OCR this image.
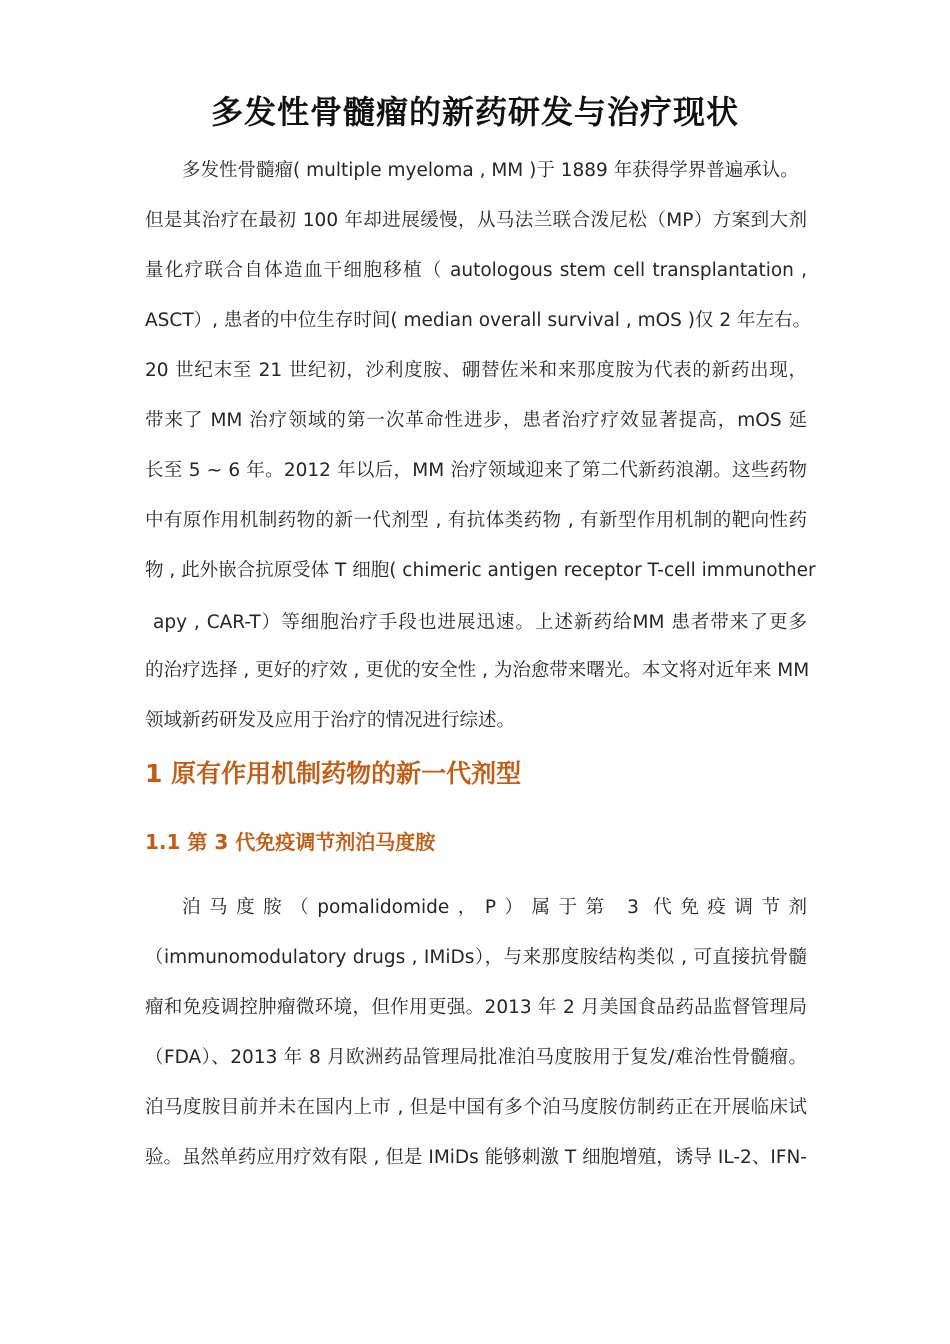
多发性骨髓瘤的新药研发与治疗现状
多发性骨髓瘤( multiple myeloma , MM )于 1889 年获得学界普遍承认。
但是其治疗在最初 100 年却进展缓慢，从马法兰联合泼尼松（MP）方案到大剂
量化疗联合自体造血干细胞移植（ autologous stem cell transplantation ,
ASCT）, 患者的中位生存时间( median overall survival , mOS )仅 2 年左右。
20 世纪末至 21 世纪初，沙利度胺、硼替佐米和来那度胺为代表的新药出现，
带来了 MM 治疗领域的第一次革命性进步，患者治疗疗效显著提高，mOS 延
长至 5 ~ 6 年。2012 年以后，MM 治疗领域迎来了第二代新药浪潮。这些药物
中有原作用机制药物的新一代剂型 , 有抗体类药物 , 有新型作用机制的靶向性药
物 , 此外嵌合抗原受体 T 细胞( chimeric antigen receptor T-cell immunother
apy , CAR-T）等细胞治疗手段也进展迅速。上述新药给MM 患者带来了更多
的治疗选择 , 更好的疗效 , 更优的安全性 , 为治愈带来曙光。本文将对近年来 MM
领域新药研发及应用于治疗的情况进行综述。
1 原有作用机制药物的新一代剂型
1.1 第 3 代免疫调节剂泊马度胺
泊马度胺（pomalidomide，P）属于第 3 代免疫调节剂
（immunomodulatory drugs , IMiDs），与来那度胺结构类似 , 可直接抗骨髓
瘤和免疫调控肿瘤微环境，但作用更强。2013 年 2 月美国食品药品监督管理局
（FDA）、2013 年 8 月欧洲药品管理局批准泊马度胺用于复发/难治性骨髓瘤。
泊马度胺目前并未在国内上市 , 但是中国有多个泊马度胺仿制药正在开展临床试
验。虽然单药应用疗效有限 , 但是 IMiDs 能够刺激 T 细胞增殖，诱导 IL-2、IFN-
